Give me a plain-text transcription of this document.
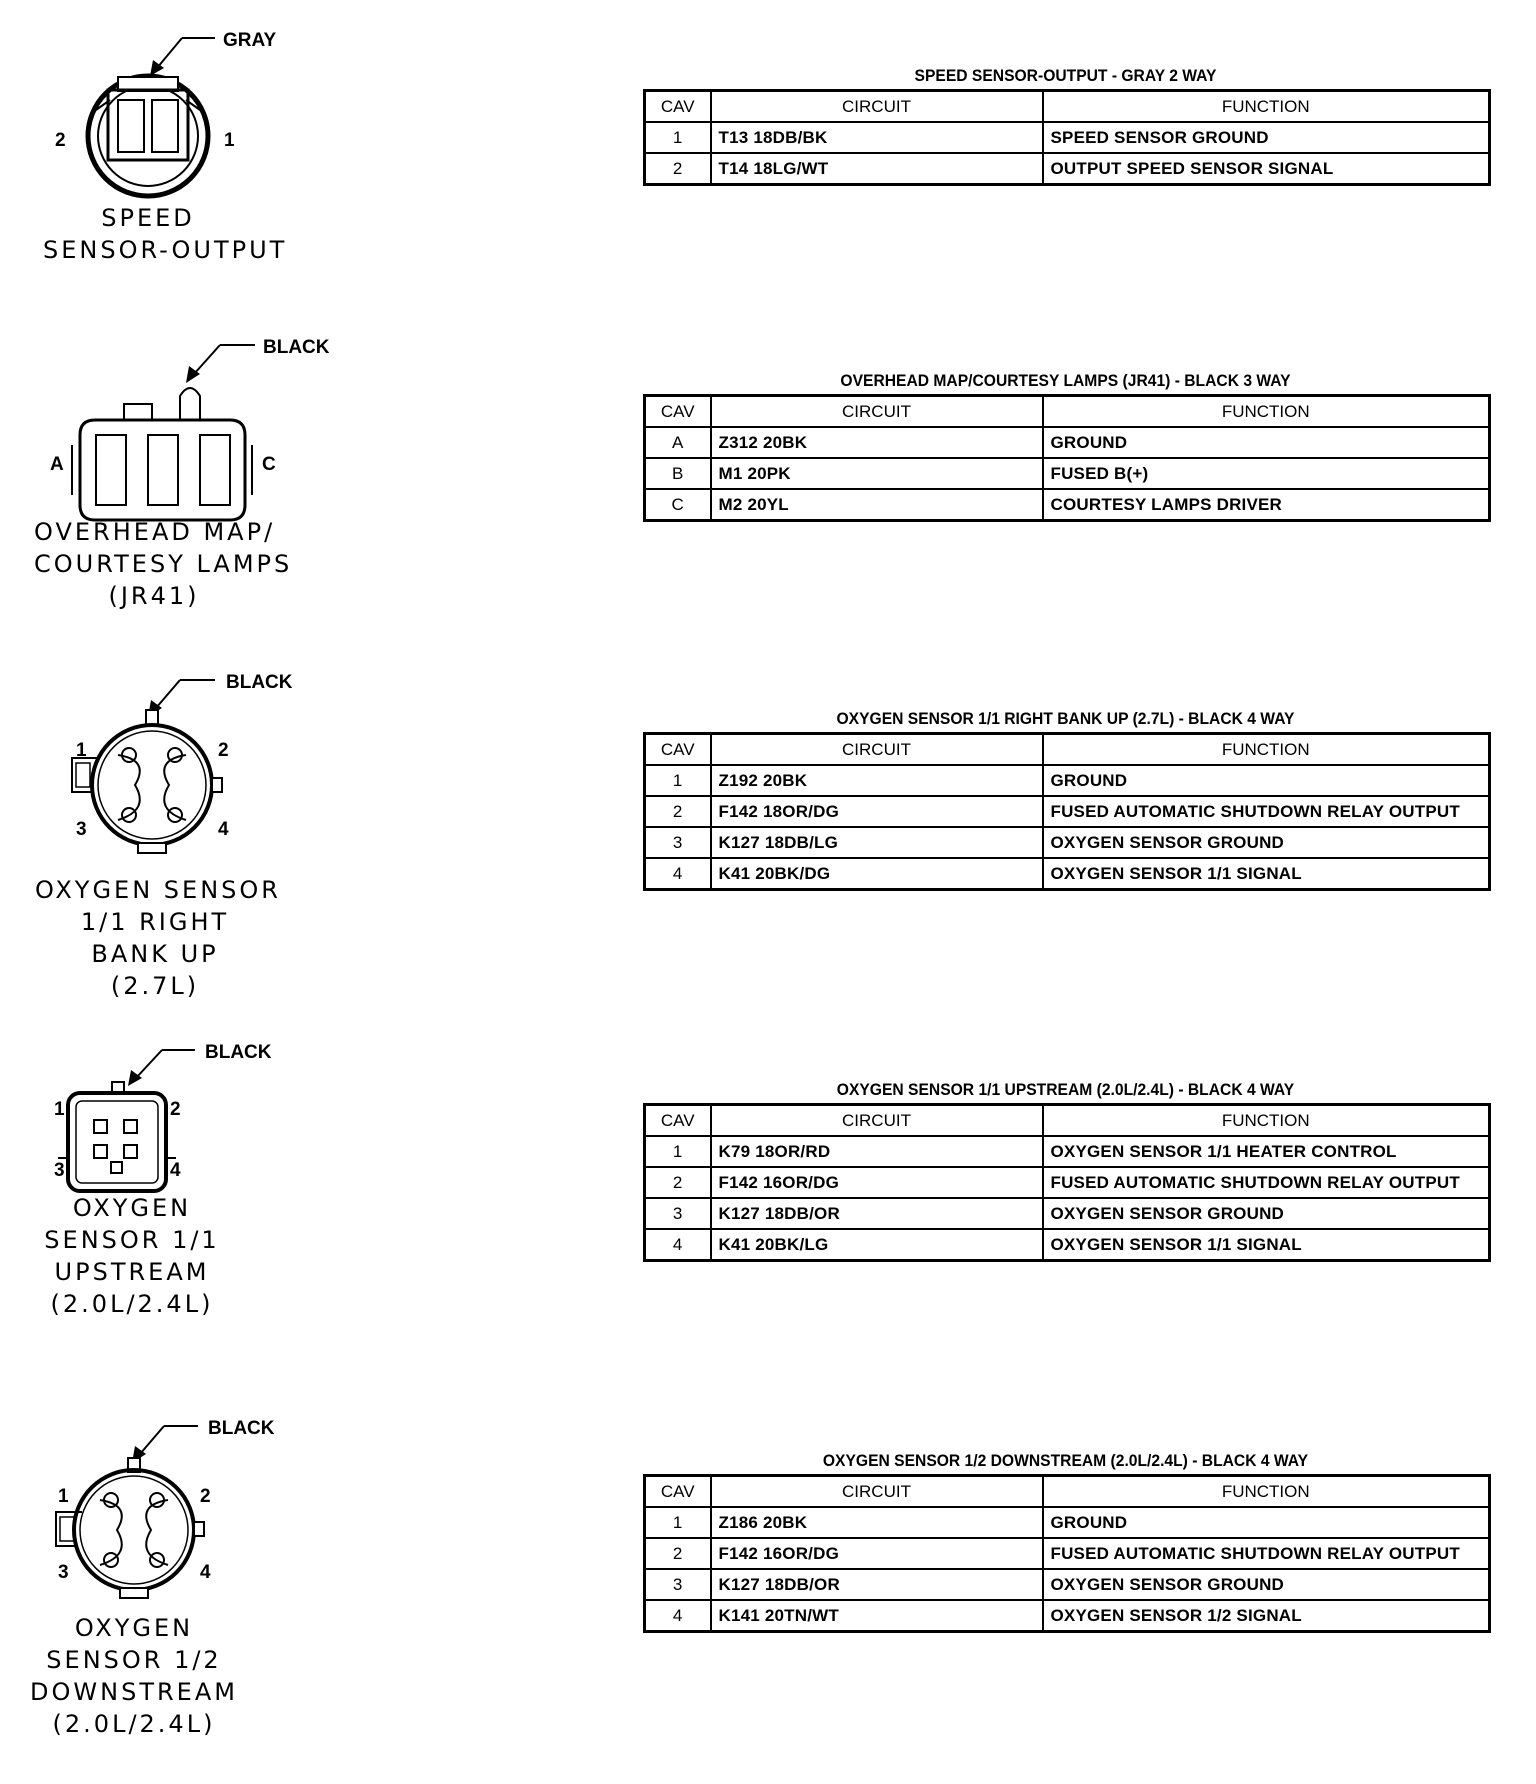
GRAY
2	1
SPEED
SENSOR-OUTPUT
BLACK
A	C
OVERHEAD MAP/
COURTESY LAMPS
(JR41)
BLACK
1	2
3	4
OXYGEN SENSOR
1/1 RIGHT
BANK UP
(2.7L)
BLACK
1	2
3	4
OXYGEN
SENSOR 1/1
UPSTREAM
(2.0L/2.4L)
BLACK
1	2
3	4
OXYGEN
SENSOR 1/2
DOWNSTREAM
(2.0L/2.4L)
SPEED SENSOR-OUTPUT - GRAY 2 WAY
CAV	CIRCUIT	FUNCTION
1	T13 18DB/BK	SPEED SENSOR GROUND
2	T14 18LG/WT	OUTPUT SPEED SENSOR SIGNAL
OVERHEAD MAP/COURTESY LAMPS (JR41) - BLACK 3 WAY
CAV	CIRCUIT	FUNCTION
A	Z312 20BK	GROUND
B	M1 20PK	FUSED B(+)
C	M2 20YL	COURTESY LAMPS DRIVER
OXYGEN SENSOR 1/1 RIGHT BANK UP (2.7L) - BLACK 4 WAY
CAV	CIRCUIT	FUNCTION
1	Z192 20BK	GROUND
2	F142 18OR/DG	FUSED AUTOMATIC SHUTDOWN RELAY OUTPUT
3	K127 18DB/LG	OXYGEN SENSOR GROUND
4	K41 20BK/DG	OXYGEN SENSOR 1/1 SIGNAL
OXYGEN SENSOR 1/1 UPSTREAM (2.0L/2.4L) - BLACK 4 WAY
CAV	CIRCUIT	FUNCTION
1	K79 18OR/RD	OXYGEN SENSOR 1/1 HEATER CONTROL
2	F142 16OR/DG	FUSED AUTOMATIC SHUTDOWN RELAY OUTPUT
3	K127 18DB/OR	OXYGEN SENSOR GROUND
4	K41 20BK/LG	OXYGEN SENSOR 1/1 SIGNAL
OXYGEN SENSOR 1/2 DOWNSTREAM (2.0L/2.4L) - BLACK 4 WAY
CAV	CIRCUIT	FUNCTION
1	Z186 20BK	GROUND
2	F142 16OR/DG	FUSED AUTOMATIC SHUTDOWN RELAY OUTPUT
3	K127 18DB/OR	OXYGEN SENSOR GROUND
4	K141 20TN/WT	OXYGEN SENSOR 1/2 SIGNAL
